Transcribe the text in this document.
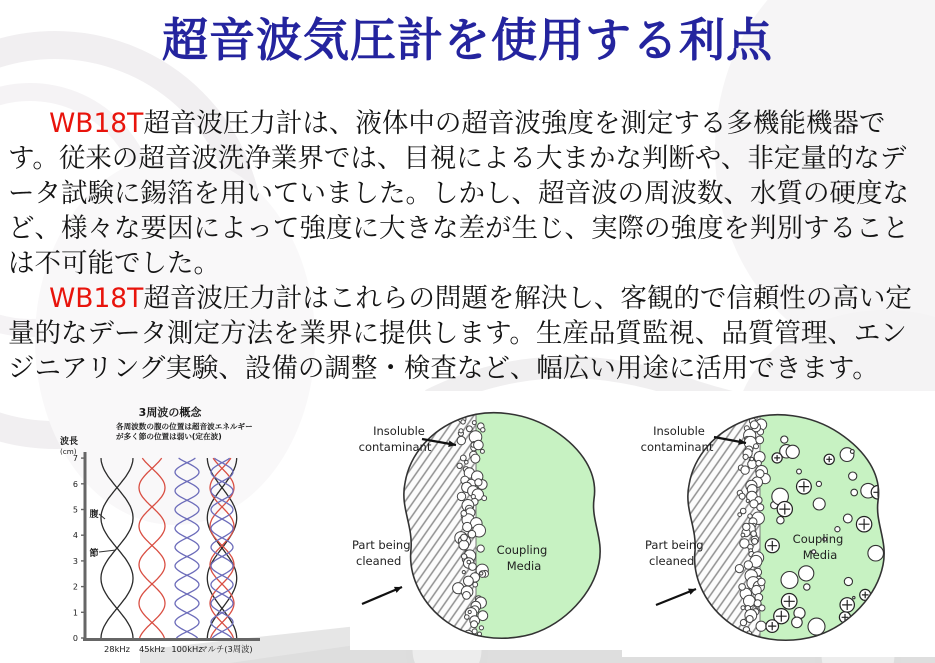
超音波気圧計を使用する利点

WB18T超音波圧力計は、液体中の超音波強度を測定する多機能機器です。従来の超音波洗浄業界では、目視による大まかな判断や、非定量的なデータ試験に錫箔を用いていました。しかし、超音波の周波数、水質の硬度など、様々な要因によって強度に大きな差が生じ、実際の強度を判別することは不可能でした。

WB18T超音波圧力計はこれらの問題を解決し、客観的で信頼性の高い定量的なデータ測定方法を業界に提供します。生産品質監視、品質管理、エンジニアリング実験、設備の調整・検査など、幅広い用途に活用できます。

3周波の概念
各周波数の腹の位置は超音波エネルギー
が多く節の位置は弱い(定在波)
波長
(cm)
7
6
5
4
3
2
1
0
28kHz 45kHz 100kHz
マルチ(3周波)
腹
節
Insoluble
contaminant
Part being
cleaned
Coupling
Media
Insoluble
contaminant
Part being
cleaned
Coupling
Media
